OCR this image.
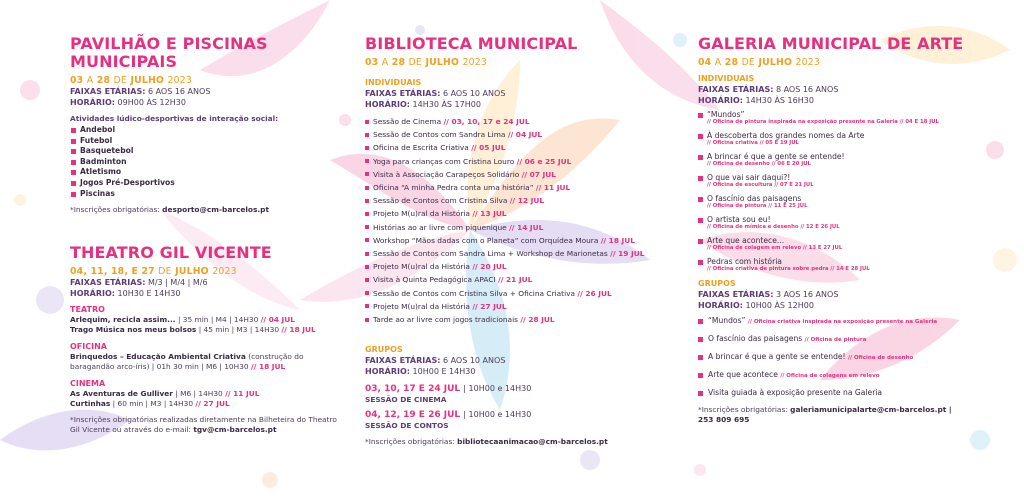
PAVILHÃO E PISCINAS
MUNICIPAIS
03 A 28 DE JULHO 2023
FAIXAS ETÁRIAS: 6 AOS 16 ANOS
HORÁRIO: 09H00 ÀS 12H30
Atividades lúdico-desportivas de interação social:
Andebol
Futebol
Basquetebol
Badminton
Atletismo
Jogos Pré-Desportivos
Piscinas
*Inscrições obrigatórias: desporto@cm-barcelos.pt
THEATRO GIL VICENTE
04, 11, 18, E 27 DE JULHO 2023
FAIXAS ETÁRIAS: M/3 | M/4 | M/6
HORÁRIO: 10H30 E 14H30
TEATRO
Arlequim, recicla assim... | 35 min | M4 | 14H30 // 04 JUL
Trago Música nos meus bolsos | 45 min | M3 | 14H30 // 18 JUL
OFICINA
Brinquedos – Educação Ambiental Criativa (construção do baragandão arco-íris) | 01h 30 min | M6 | 10H30 // 18 JUL
CINEMA
As Aventuras de Gulliver | M6 | 14H30 // 11 JUL
Curtinhas | 60 min | M3 | 14H30 // 27 JUL
*Inscrições obrigatórias realizadas diretamente na Bilheteira do Theatro Gil Vicente ou através do e-mail: tgv@cm-barcelos.pt
BIBLIOTECA MUNICIPAL
03 A 28 DE JULHO 2023
INDIVIDUAIS
FAIXAS ETÁRIAS: 6 AOS 10 ANOS
HORÁRIO: 14H30 ÀS 17H00
Sessão de Cinema // 03, 10, 17 e 24 JUL
Sessão de Contos com Sandra Lima // 04 JUL
Oficina de Escrita Criativa // 05 JUL
Yoga para crianças com Cristina Louro // 06 e 25 JUL
Visita à Associação Carapeços Solidário // 07 JUL
Oficina “A minha Pedra conta uma história” // 11 JUL
Sessão de Contos com Cristina Silva // 12 JUL
Projeto M(u)ral da História // 13 JUL
Histórias ao ar livre com piquenique // 14 JUL
Workshop “Mãos dadas com o Planeta” com Orquídea Moura // 18 JUL
Sessão de Contos com Sandra Lima + Workshop de Marionetas // 19 JUL
Projeto M(u)ral da História // 20 JUL
Visita à Quinta Pedagógica APACI // 21 JUL
Sessão de Contos com Cristina Silva + Oficina Criativa // 26 JUL
Projeto M(u)ral da História // 27 JUL
Tarde ao ar livre com jogos tradicionais // 28 JUL
GRUPOS
FAIXAS ETÁRIAS: 6 AOS 10 ANOS
HORÁRIO: 10H00 E 14H30
03, 10, 17 E 24 JUL | 10H00 e 14H30
SESSÃO DE CINEMA
04, 12, 19 E 26 JUL | 10H00 e 14H30
SESSÃO DE CONTOS
*Inscrições obrigatórias: bibliotecaanimacao@cm-barcelos.pt
GALERIA MUNICIPAL DE ARTE
04 A 28 DE JULHO 2023
INDIVIDUAIS
FAIXAS ETÁRIAS: 8 AOS 16 ANOS
HORÁRIO: 14H30 ÀS 16H30
“Mundos”
// Oficina de pintura inspirada na exposição presente na Galeria // 04 E 18 JUL
À descoberta dos grandes nomes da Arte
// Oficina criativa // 05 E 19 JUL
A brincar é que a gente se entende!
// Oficina de desenho // 06 E 20 JUL
O que vai sair daqui?!
// Oficina de escultura // 07 E 21 JUL
O fascínio das paisagens
// Oficina de pintura // 11 E 25 JUL
O artista sou eu!
// Oficina de mímica e desenho // 12 E 26 JUL
Arte que acontece...
// Oficina de colagem em relevo // 13 E 27 JUL
Pedras com história
// Oficina criativa de pintura sobre pedra // 14 E 28 JUL
GRUPOS
FAIXAS ETÁRIAS: 3 AOS 16 ANOS
HORÁRIO: 10H00 ÀS 12H00
“Mundos” // Oficina criativa inspirada na exposição presente na Galeria
O fascínio das paisagens // Oficina de pintura
A brincar é que a gente se entende! // Oficina de desenho
Arte que acontece // Oficina de colagens em relevo
Visita guiada à exposição presente na Galeria
*Inscrições obrigatórias: galeriamunicipalarte@cm-barcelos.pt |
253 809 695
